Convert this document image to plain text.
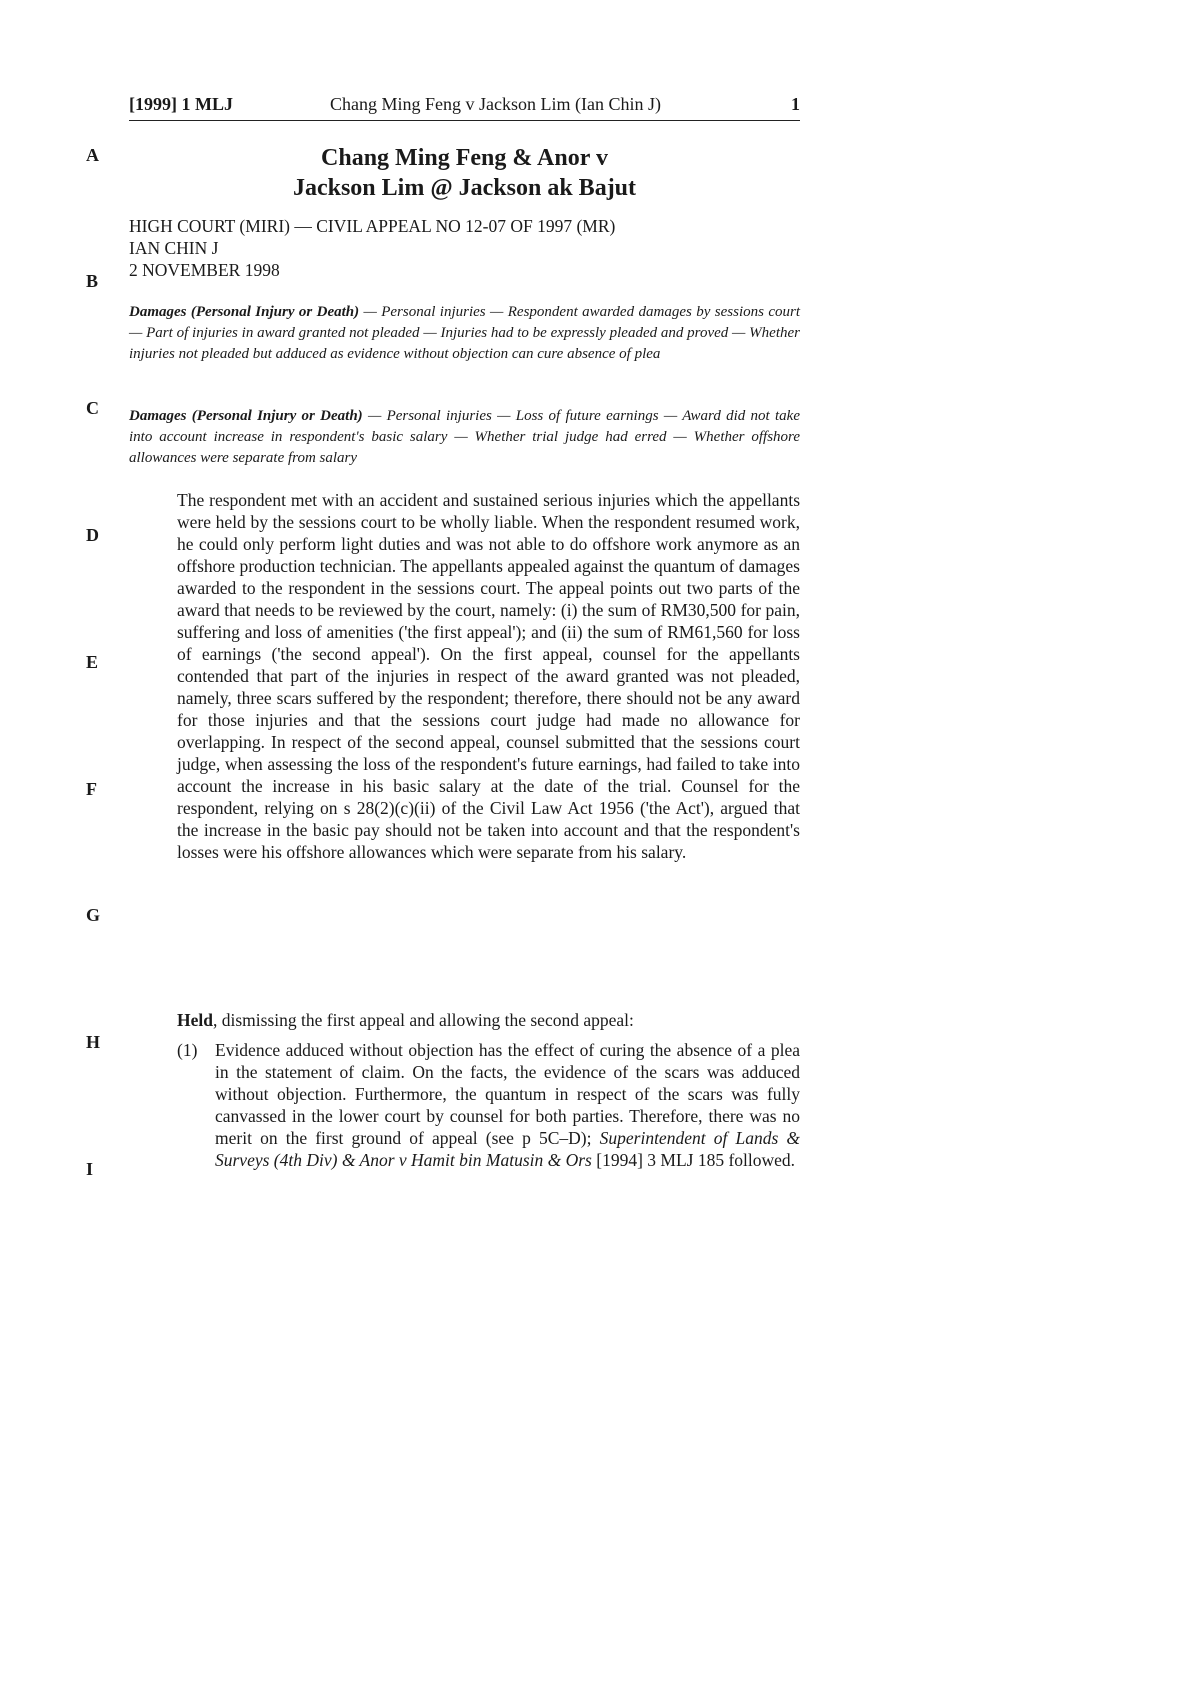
[1999] 1 MLJ	Chang Ming Feng v Jackson Lim (Ian Chin J)	1
A
B
C
D
E
F
G
H
I
Chang Ming Feng & Anor v
Jackson Lim @ Jackson ak Bajut
HIGH COURT (MIRI) — CIVIL APPEAL NO 12-07 OF 1997 (MR)
IAN CHIN J
2 NOVEMBER 1998
Damages (Personal Injury or Death) — Personal injuries — Respondent awarded damages by sessions court — Part of injuries in award granted not pleaded — Injuries had to be expressly pleaded and proved — Whether injuries not pleaded but adduced as evidence without objection can cure absence of plea
Damages (Personal Injury or Death) — Personal injuries — Loss of future earnings — Award did not take into account increase in respondent's basic salary — Whether trial judge had erred — Whether offshore allowances were separate from salary

The respondent met with an accident and sustained serious injuries which the appellants were held by the sessions court to be wholly liable. When the respondent resumed work, he could only perform light duties and was not able to do offshore work anymore as an offshore production technician. The appellants appealed against the quantum of damages awarded to the respondent in the sessions court. The appeal points out two parts of the award that needs to be reviewed by the court, namely: (i) the sum of RM30,500 for pain, suffering and loss of amenities ('the first appeal'); and (ii) the sum of RM61,560 for loss of earnings ('the second appeal'). On the first appeal, counsel for the appellants contended that part of the injuries in respect of the award granted was not pleaded, namely, three scars suffered by the respondent; therefore, there should not be any award for those injuries and that the sessions court judge had made no allowance for overlapping. In respect of the second appeal, counsel submitted that the sessions court judge, when assessing the loss of the respondent's future earnings, had failed to take into account the increase in his basic salary at the date of the trial. Counsel for the respondent, relying on s 28(2)(c)(ii) of the Civil Law Act 1956 ('the Act'), argued that the increase in the basic pay should not be taken into account and that the respondent's losses were his offshore allowances which were separate from his salary.

Held, dismissing the first appeal and allowing the second appeal:
(1) Evidence adduced without objection has the effect of curing the absence of a plea in the statement of claim. On the facts, the evidence of the scars was adduced without objection. Furthermore, the quantum in respect of the scars was fully canvassed in the lower court by counsel for both parties. Therefore, there was no merit on the first ground of appeal (see p 5C–D); Superintendent of Lands & Surveys (4th Div) & Anor v Hamit bin Matusin & Ors [1994] 3 MLJ 185 followed.
